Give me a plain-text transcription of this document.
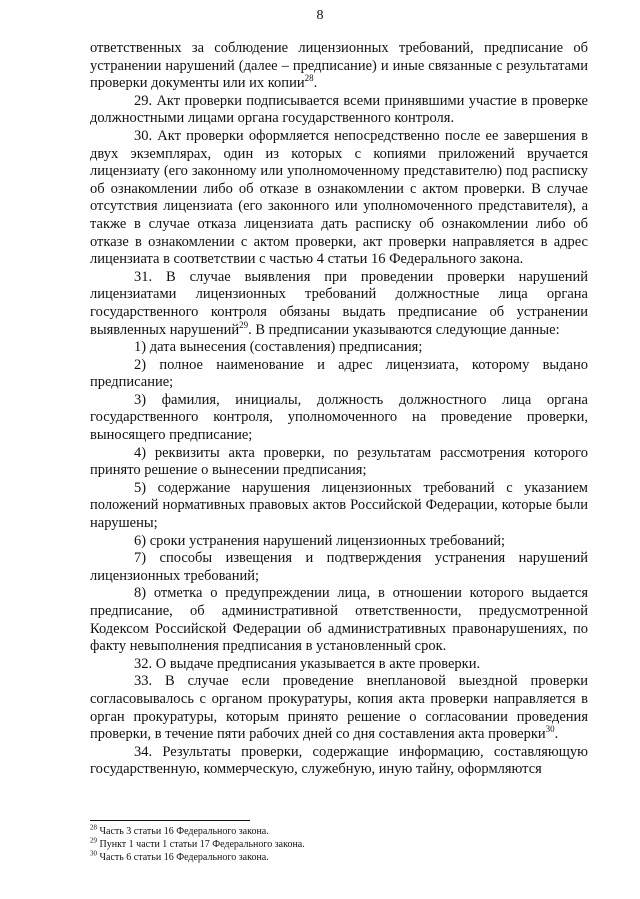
8

ответственных за соблюдение лицензионных требований, предписание об устранении нарушений (далее – предписание) и иные связанные с результатами проверки документы или их копии$^{28}$.

29. Акт проверки подписывается всеми принявшими участие в проверке должностными лицами органа государственного контроля.

30. Акт проверки оформляется непосредственно после ее завершения в двух экземплярах, один из которых с копиями приложений вручается лицензиату (его законному или уполномоченному представителю) под расписку об ознакомлении либо об отказе в ознакомлении с актом проверки. В случае отсутствия лицензиата (его законного или уполномоченного представителя), а также в случае отказа лицензиата дать расписку об ознакомлении либо об отказе в ознакомлении с актом проверки, акт проверки направляется в адрес лицензиата в соответствии с частью 4 статьи 16 Федерального закона.

31. В случае выявления при проведении проверки нарушений лицензиатами лицензионных требований должностные лица органа государственного контроля обязаны выдать предписание об устранении выявленных нарушений$^{29}$. В предписании указываются следующие данные:

1) дата вынесения (составления) предписания;

2) полное наименование и адрес лицензиата, которому выдано предписание;

3) фамилия, инициалы, должность должностного лица органа государственного контроля, уполномоченного на проведение проверки, выносящего предписание;

4) реквизиты акта проверки, по результатам рассмотрения которого принято решение о вынесении предписания;

5) содержание нарушения лицензионных требований с указанием положений нормативных правовых актов Российской Федерации, которые были нарушены;

6) сроки устранения нарушений лицензионных требований;

7) способы извещения и подтверждения устранения нарушений лицензионных требований;

8) отметка о предупреждении лица, в отношении которого выдается предписание, об административной ответственности, предусмотренной Кодексом Российской Федерации об административных правонарушениях, по факту невыполнения предписания в установленный срок.

32. О выдаче предписания указывается в акте проверки.

33. В случае если проведение внеплановой выездной проверки согласовывалось с органом прокуратуры, копия акта проверки направляется в орган прокуратуры, которым принято решение о согласовании проведения проверки, в течение пяти рабочих дней со дня составления акта проверки$^{30}$.

34. Результаты проверки, содержащие информацию, составляющую государственную, коммерческую, служебную, иную тайну, оформляются

$^{28}$ Часть 3 статьи 16 Федерального закона.
$^{29}$ Пункт 1 части 1 статьи 17 Федерального закона.
$^{30}$ Часть 6 статьи 16 Федерального закона.
